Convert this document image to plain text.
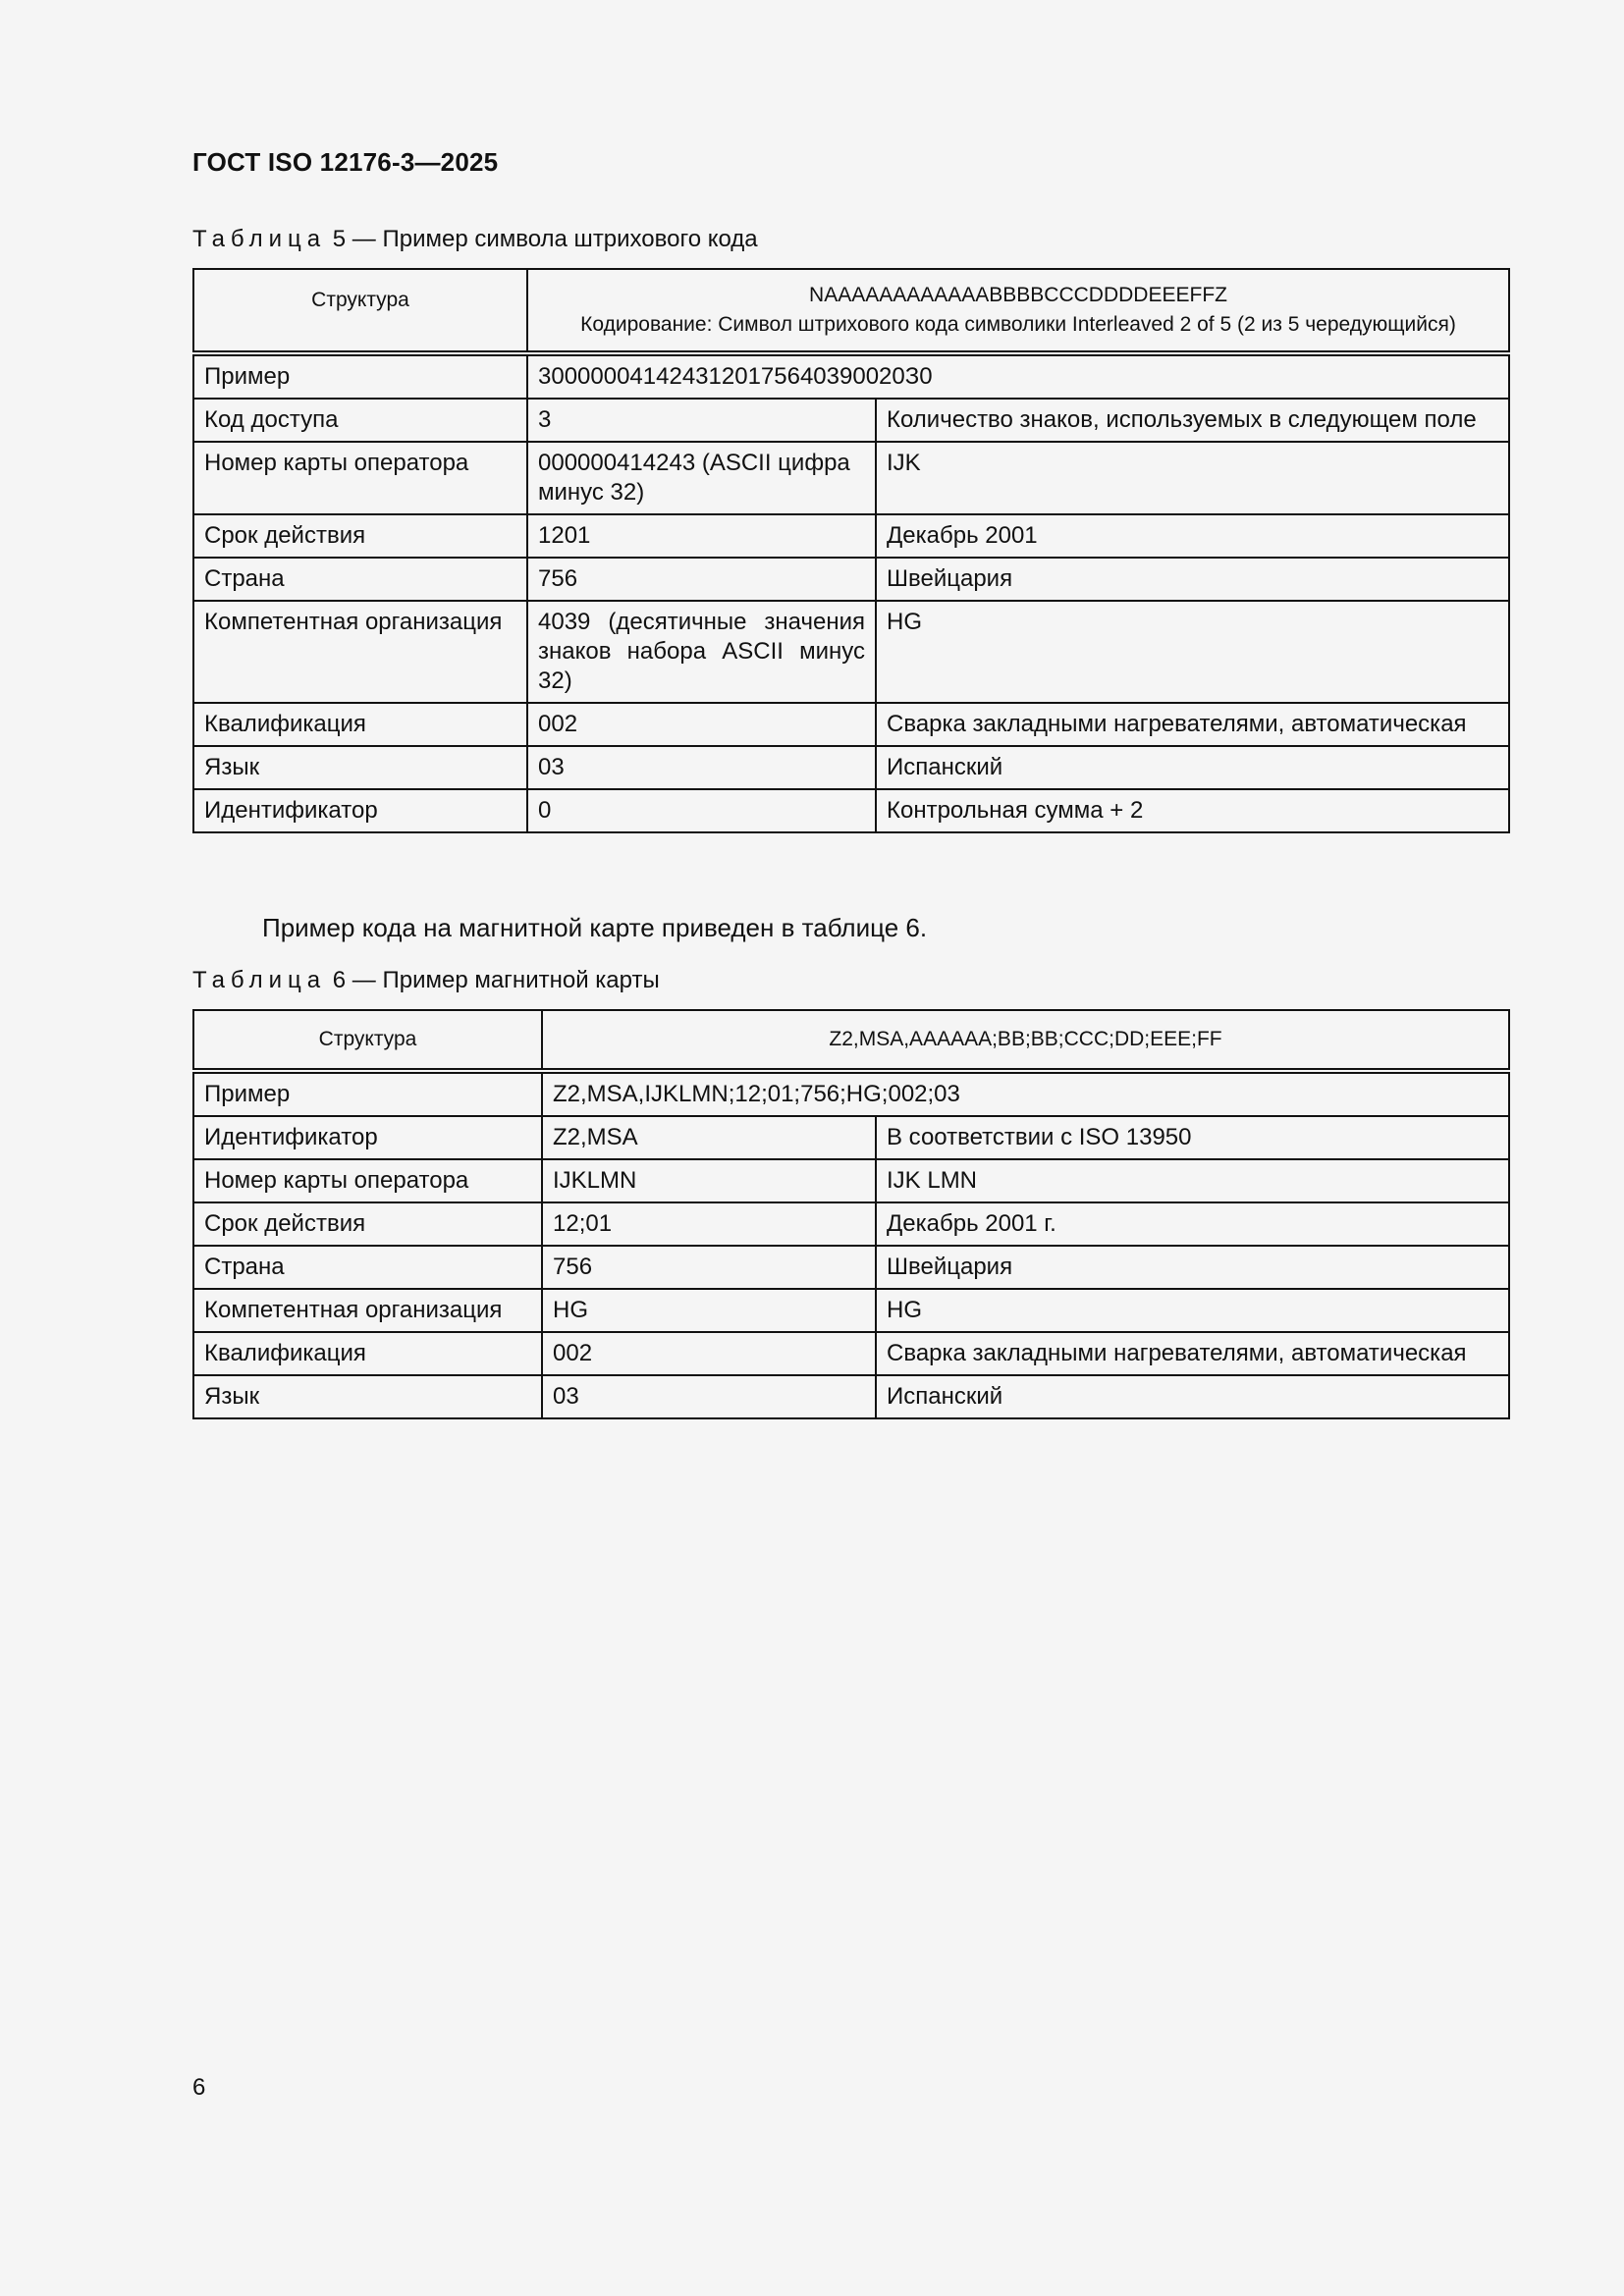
ГОСТ ISO 12176-3—2025
Таблица 5 — Пример символа штрихового кода
Структура	NAAAAAAAAAAAABBBBCCCDDDDEEEFFZ
Кодирование: Символ штрихового кода символики Interleaved 2 of 5 (2 из 5 чередующийся)	

Пример	3000000414243120175640390020З0	
Код доступа	3	Количество знаков, используемых в следующем поле
Номер карты оператора	000000414243 (ASCII цифра минус 32)	IJK
Срок действия	1201	Декабрь 2001
Страна	756	Швейцария
Компетентная организация	4039 (десятичные значения знаков набора ASCII минус 32)	HG
Квалификация	002	Сварка закладными нагревателями, автоматическая
Язык	03	Испанский
Идентификатор	0	Контрольная сумма + 2
Пример кода на магнитной карте приведен в таблице 6.
Таблица 6 — Пример магнитной карты
Структура	Z2,MSA,AAAAAA;BB;BB;CCC;DD;EEE;FF	
Пример	Z2,MSA,IJKLMN;12;01;756;HG;002;03	
Идентификатор	Z2,MSA	В соответствии с ISO 13950
Номер карты оператора	IJKLMN	IJK LMN
Срок действия	12;01	Декабрь 2001 г.
Страна	756	Швейцария
Компетентная организация	HG	HG
Квалификация	002	Сварка закладными нагревателями, автоматическая
Язык	03	Испанский
6
